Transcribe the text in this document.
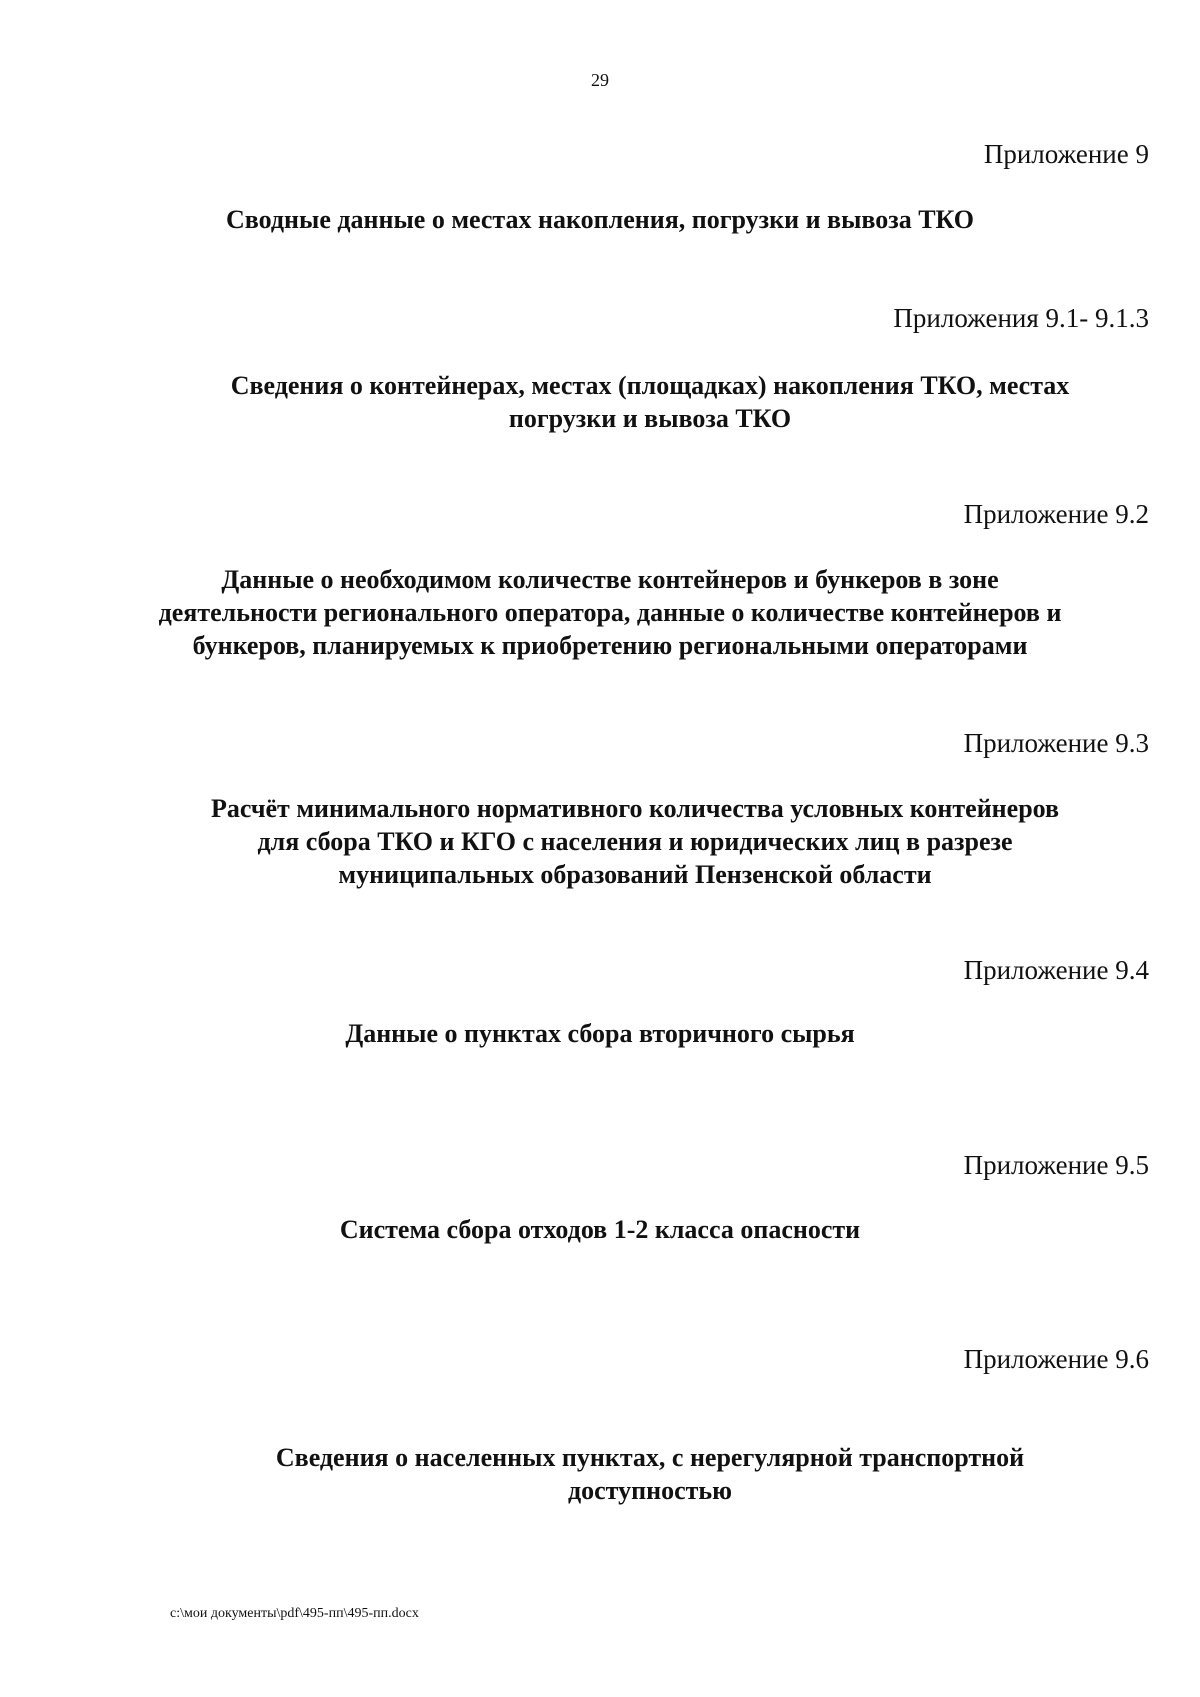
29
Приложение 9
Сводные данные о местах накопления, погрузки и вывоза ТКО
Приложения 9.1- 9.1.3
Сведения о контейнерах, местах (площадках) накопления ТКО, местах погрузки и вывоза ТКО
Приложение 9.2
Данные о необходимом количестве контейнеров и бункеров в зоне деятельности регионального оператора, данные о количестве контейнеров и бункеров, планируемых к приобретению региональными операторами
Приложение 9.3
Расчёт минимального нормативного количества условных контейнеров для сбора ТКО и КГО с населения и юридических лиц в разрезе муниципальных образований Пензенской области
Приложение 9.4
Данные о пунктах сбора вторичного сырья
Приложение 9.5
Система сбора отходов 1-2 класса опасности
Приложение 9.6
Сведения о населенных пунктах, с нерегулярной транспортной доступностью
c:\мои документы\pdf\495-пп\495-пп.docx
